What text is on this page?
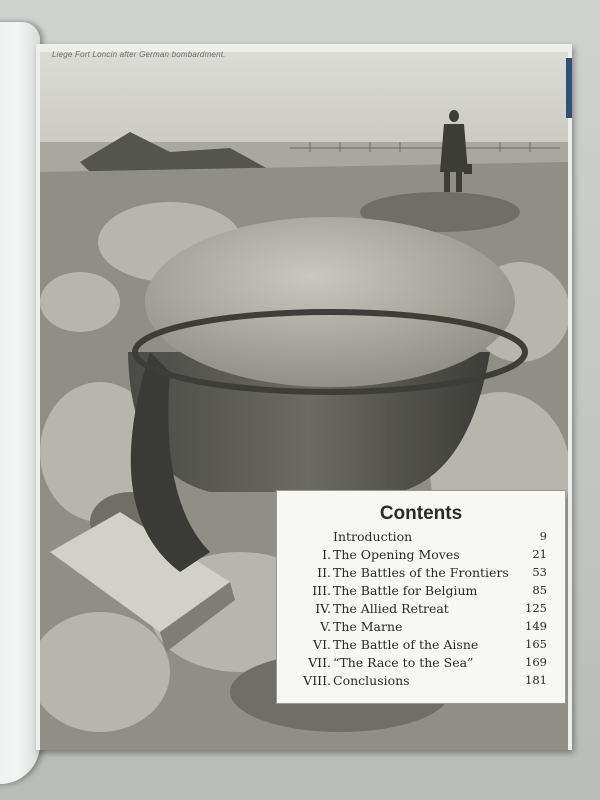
Liege Fort Loncin after German bombardment.
Contents
Introduction	9
I. The Opening Moves	21
II. The Battles of the Frontiers 53
III. The Battle for Belgium	85
IV. The Allied Retreat	125
V. The Marne	149
VI. The Battle of the Aisne	165
VII. “The Race to the Sea”	169
VIII. Conclusions	181
